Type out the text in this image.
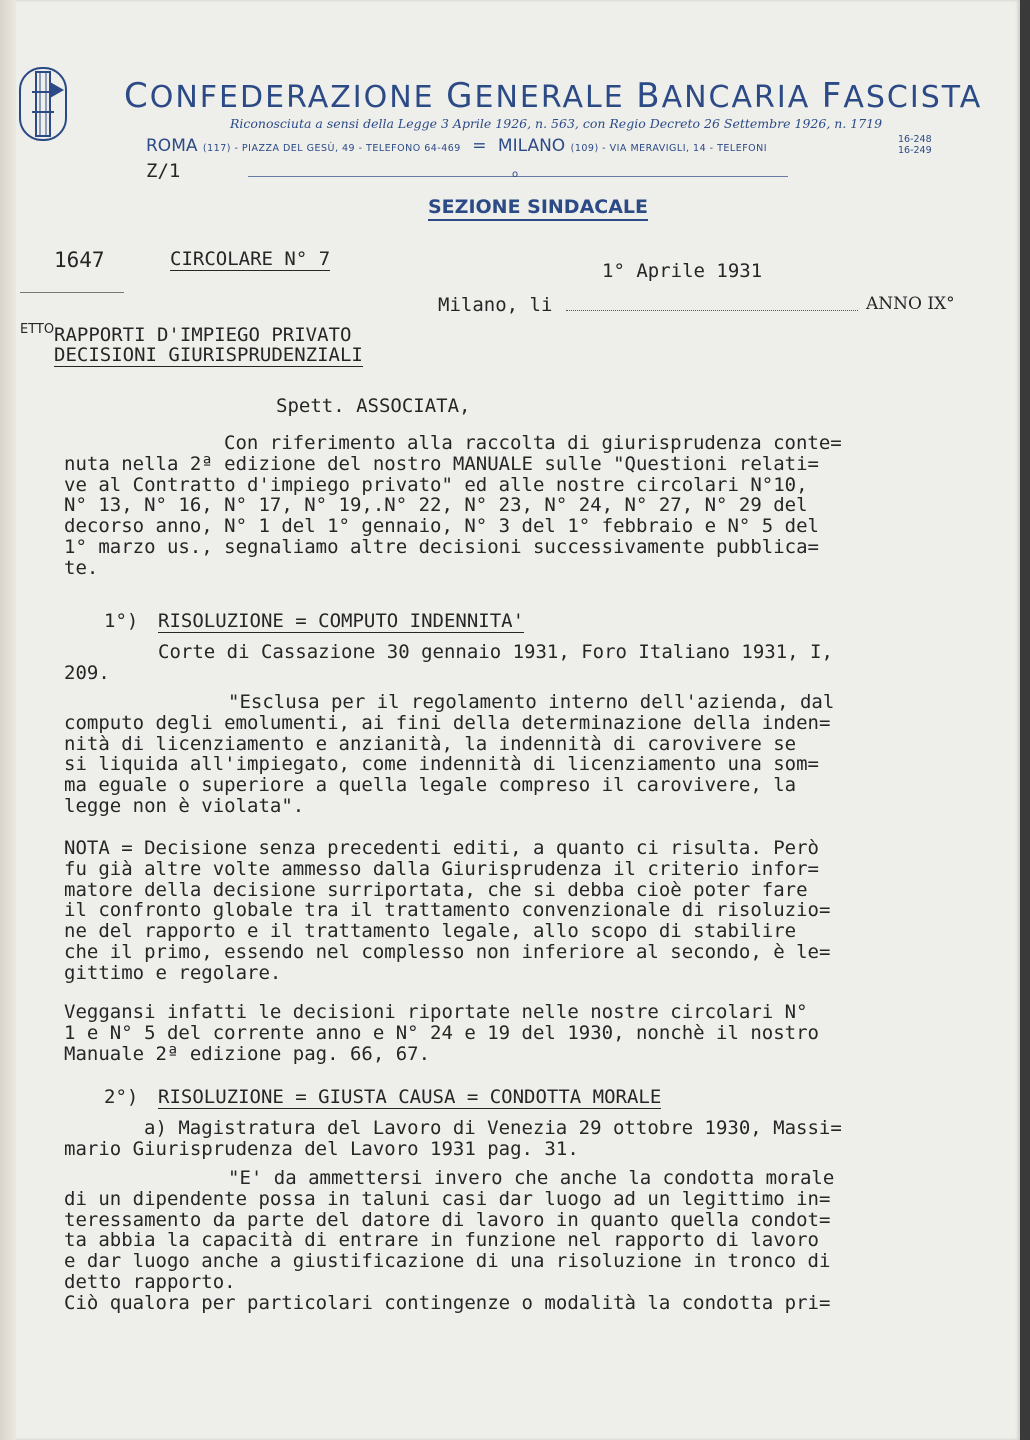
CONFEDERAZIONE GENERALE BANCARIA FASCISTA
Riconosciuta a sensi della Legge 3 Aprile 1926, n. 563, con Regio Decreto 26 Settembre 1926, n. 1719
ROMA (117) - PIAZZA DEL GESÙ, 49 - TELEFONO 64-469 = MILANO (109) - VIA MERAVIGLI, 14 - TELEFONI
16-248
16-249
Z/1	o
SEZIONE SINDACALE
1647	CIRCOLARE N° 7
1° Aprile 1931
Milano, li	ANNO IX°
ETTO RAPPORTI D'IMPIEGO PRIVATO
DECISIONI GIURISPRUDENZIALI
Spett. ASSOCIATA,
Con riferimento alla raccolta di giurisprudenza conte=
nuta nella 2ª edizione del nostro MANUALE sulle "Questioni relati=
ve al Contratto d'impiego privato" ed alle nostre circolari N°10,
N° 13, N° 16, N° 17, N° 19,.N° 22, N° 23, N° 24, N° 27, N° 29 del
decorso anno, N° 1 del 1° gennaio, N° 3 del 1° febbraio e N° 5 del
1° marzo us., segnaliamo altre decisioni successivamente pubblica=
te.
1°) RISOLUZIONE = COMPUTO INDENNITA'
Corte di Cassazione 30 gennaio 1931, Foro Italiano 1931, I,
209.
"Esclusa per il regolamento interno dell'azienda, dal
computo degli emolumenti, ai fini della determinazione della inden=
nità di licenziamento e anzianità, la indennità di carovivere se
si liquida all'impiegato, come indennità di licenziamento una som=
ma eguale o superiore a quella legale compreso il carovivere, la
legge non è violata".
NOTA = Decisione senza precedenti editi, a quanto ci risulta. Però
fu già altre volte ammesso dalla Giurisprudenza il criterio infor=
matore della decisione surriportata, che si debba cioè poter fare
il confronto globale tra il trattamento convenzionale di risoluzio=
ne del rapporto e il trattamento legale, allo scopo di stabilire
che il primo, essendo nel complesso non inferiore al secondo, è le=
gittimo e regolare.
Veggansi infatti le decisioni riportate nelle nostre circolari N°
1 e N° 5 del corrente anno e N° 24 e 19 del 1930, nonchè il nostro
Manuale 2ª edizione pag. 66, 67.
2°) RISOLUZIONE = GIUSTA CAUSA = CONDOTTA MORALE
a) Magistratura del Lavoro di Venezia 29 ottobre 1930, Massi=
mario Giurisprudenza del Lavoro 1931 pag. 31.
"E' da ammettersi invero che anche la condotta morale
di un dipendente possa in taluni casi dar luogo ad un legittimo in=
teressamento da parte del datore di lavoro in quanto quella condot=
ta abbia la capacità di entrare in funzione nel rapporto di lavoro
e dar luogo anche a giustificazione di una risoluzione in tronco di
detto rapporto.
Ciò qualora per particolari contingenze o modalità la condotta pri=
